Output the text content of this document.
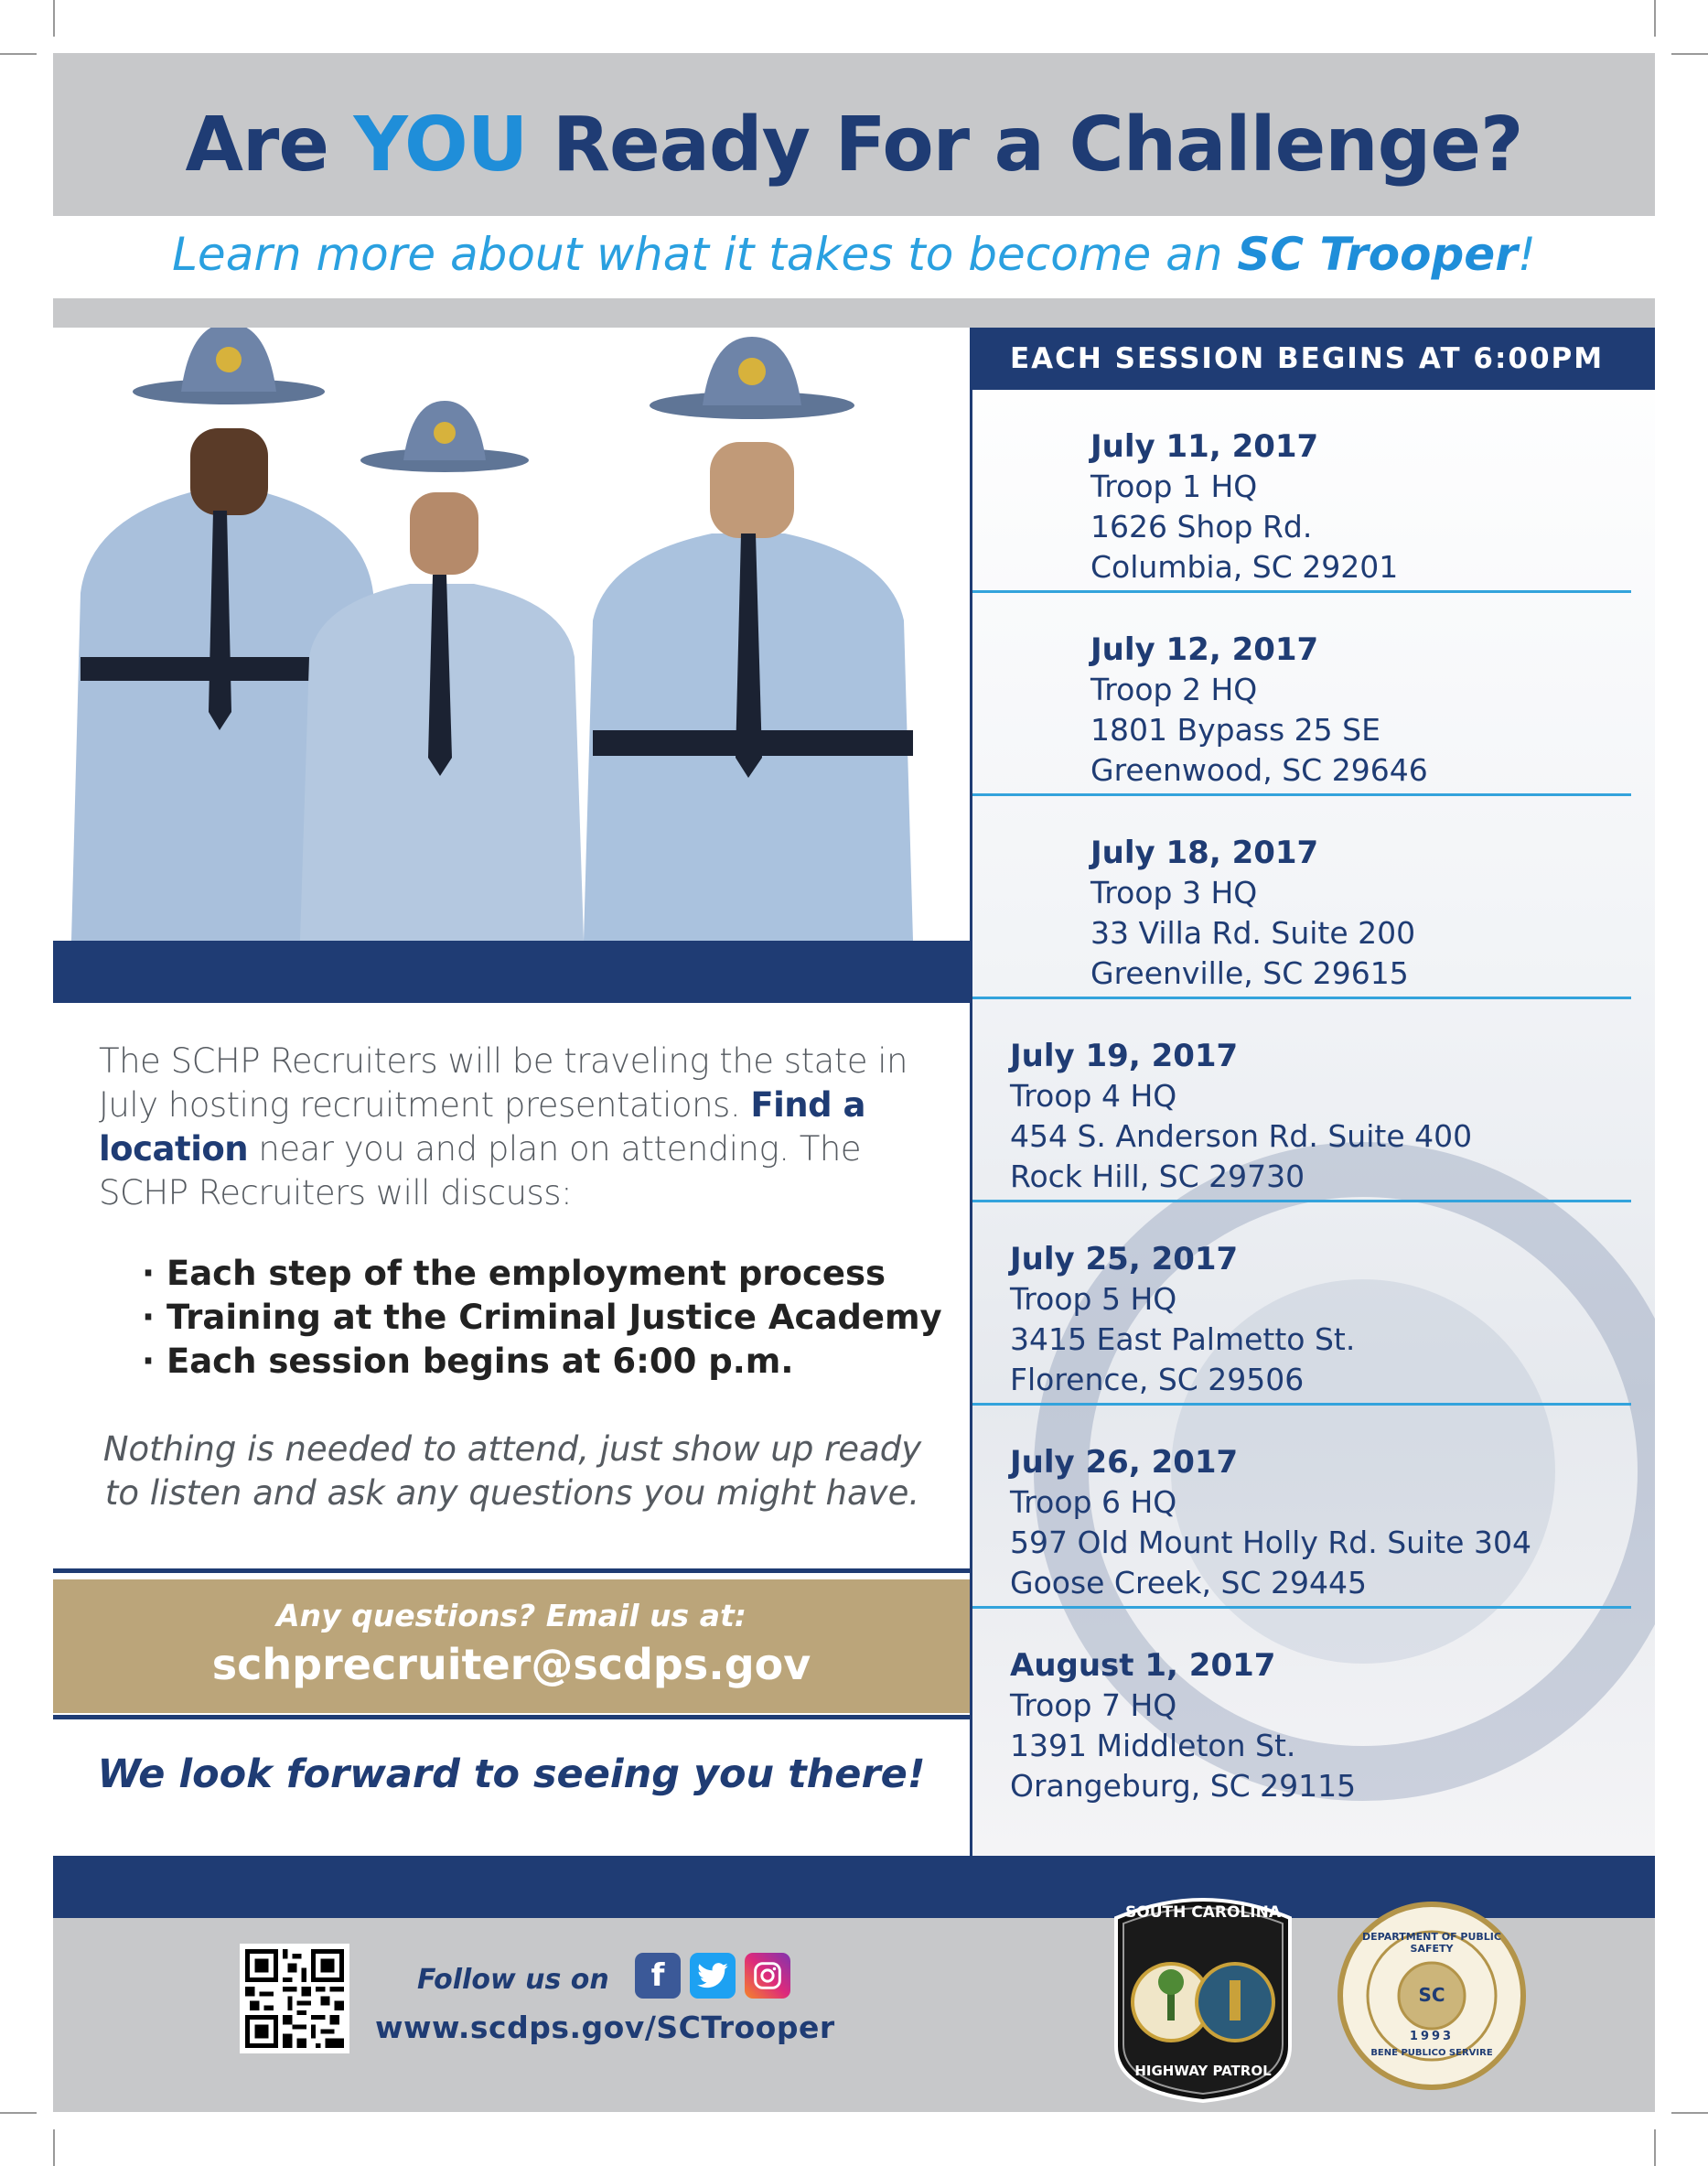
Are YOU Ready For a Challenge?
Learn more about what it takes to become an SC Trooper!
EACH SESSION BEGINS AT 6:00PM
July 11, 2017
Troop 1 HQ
1626 Shop Rd.
Columbia, SC 29201
July 12, 2017
Troop 2 HQ
1801 Bypass 25 SE
Greenwood, SC 29646
July 18, 2017
Troop 3 HQ
33 Villa Rd. Suite 200
Greenville, SC 29615
July 19, 2017
Troop 4 HQ
454 S. Anderson Rd. Suite 400
Rock Hill, SC 29730
July 25, 2017
Troop 5 HQ
3415 East Palmetto St.
Florence, SC 29506
July 26, 2017
Troop 6 HQ
597 Old Mount Holly Rd. Suite 304
Goose Creek, SC 29445
August 1, 2017
Troop 7 HQ
1391 Middleton St.
Orangeburg, SC 29115
The SCHP Recruiters will be traveling the state in July hosting recruitment presentations. Find a location near you and plan on attending. The SCHP Recruiters will discuss:
· Each step of the employment process
· Training at the Criminal Justice Academy
· Each session begins at 6:00 p.m.
Nothing is needed to attend, just show up ready to listen and ask any questions you might have.
Any questions? Email us at:
schprecruiter@scdps.gov
We look forward to seeing you there!
Follow us on	f
www.scdps.gov/SCTrooper
SOUTH CAROLINA
HIGHWAY PATROL
DEPARTMENT OF PUBLIC SAFETY
SC
1993
BENE PUBLICO SERVIRE
